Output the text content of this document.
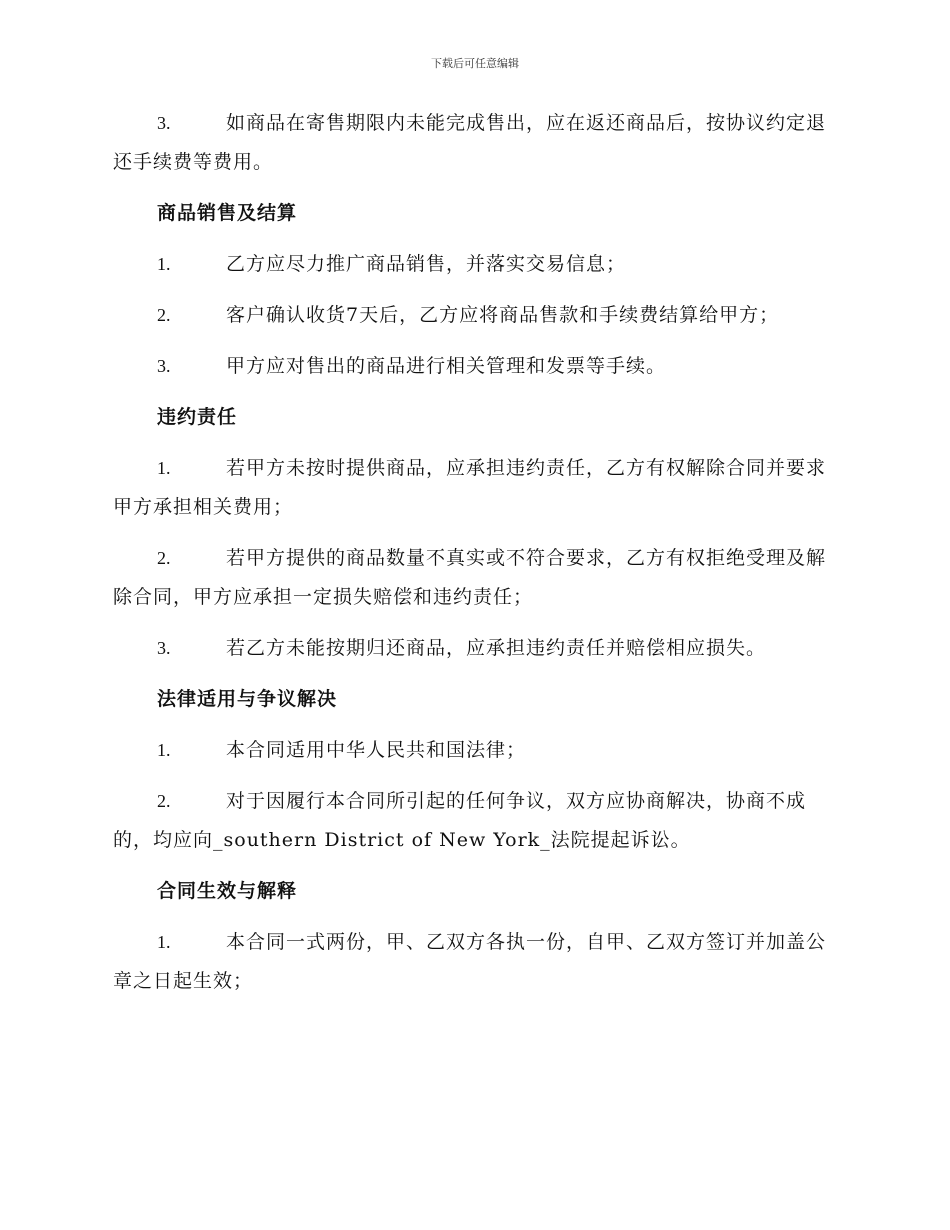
下载后可任意编辑

3.	如商品在寄售期限内未能完成售出，应在返还商品后，按协议约定退还手续费等费用。

商品销售及结算

1.	乙方应尽力推广商品销售，并落实交易信息；

2.	客户确认收货7天后，乙方应将商品售款和手续费结算给甲方；

3.	甲方应对售出的商品进行相关管理和发票等手续。

违约责任

1.	若甲方未按时提供商品，应承担违约责任，乙方有权解除合同并要求甲方承担相关费用；

2.	若甲方提供的商品数量不真实或不符合要求，乙方有权拒绝受理及解除合同，甲方应承担一定损失赔偿和违约责任；

3.	若乙方未能按期归还商品，应承担违约责任并赔偿相应损失。

法律适用与争议解决

1.	本合同适用中华人民共和国法律；

2.	对于因履行本合同所引起的任何争议，双方应协商解决，协商不成的，均应向_southern District of New York_法院提起诉讼。

合同生效与解释

1.	本合同一式两份，甲、乙双方各执一份，自甲、乙双方签订并加盖公章之日起生效；
